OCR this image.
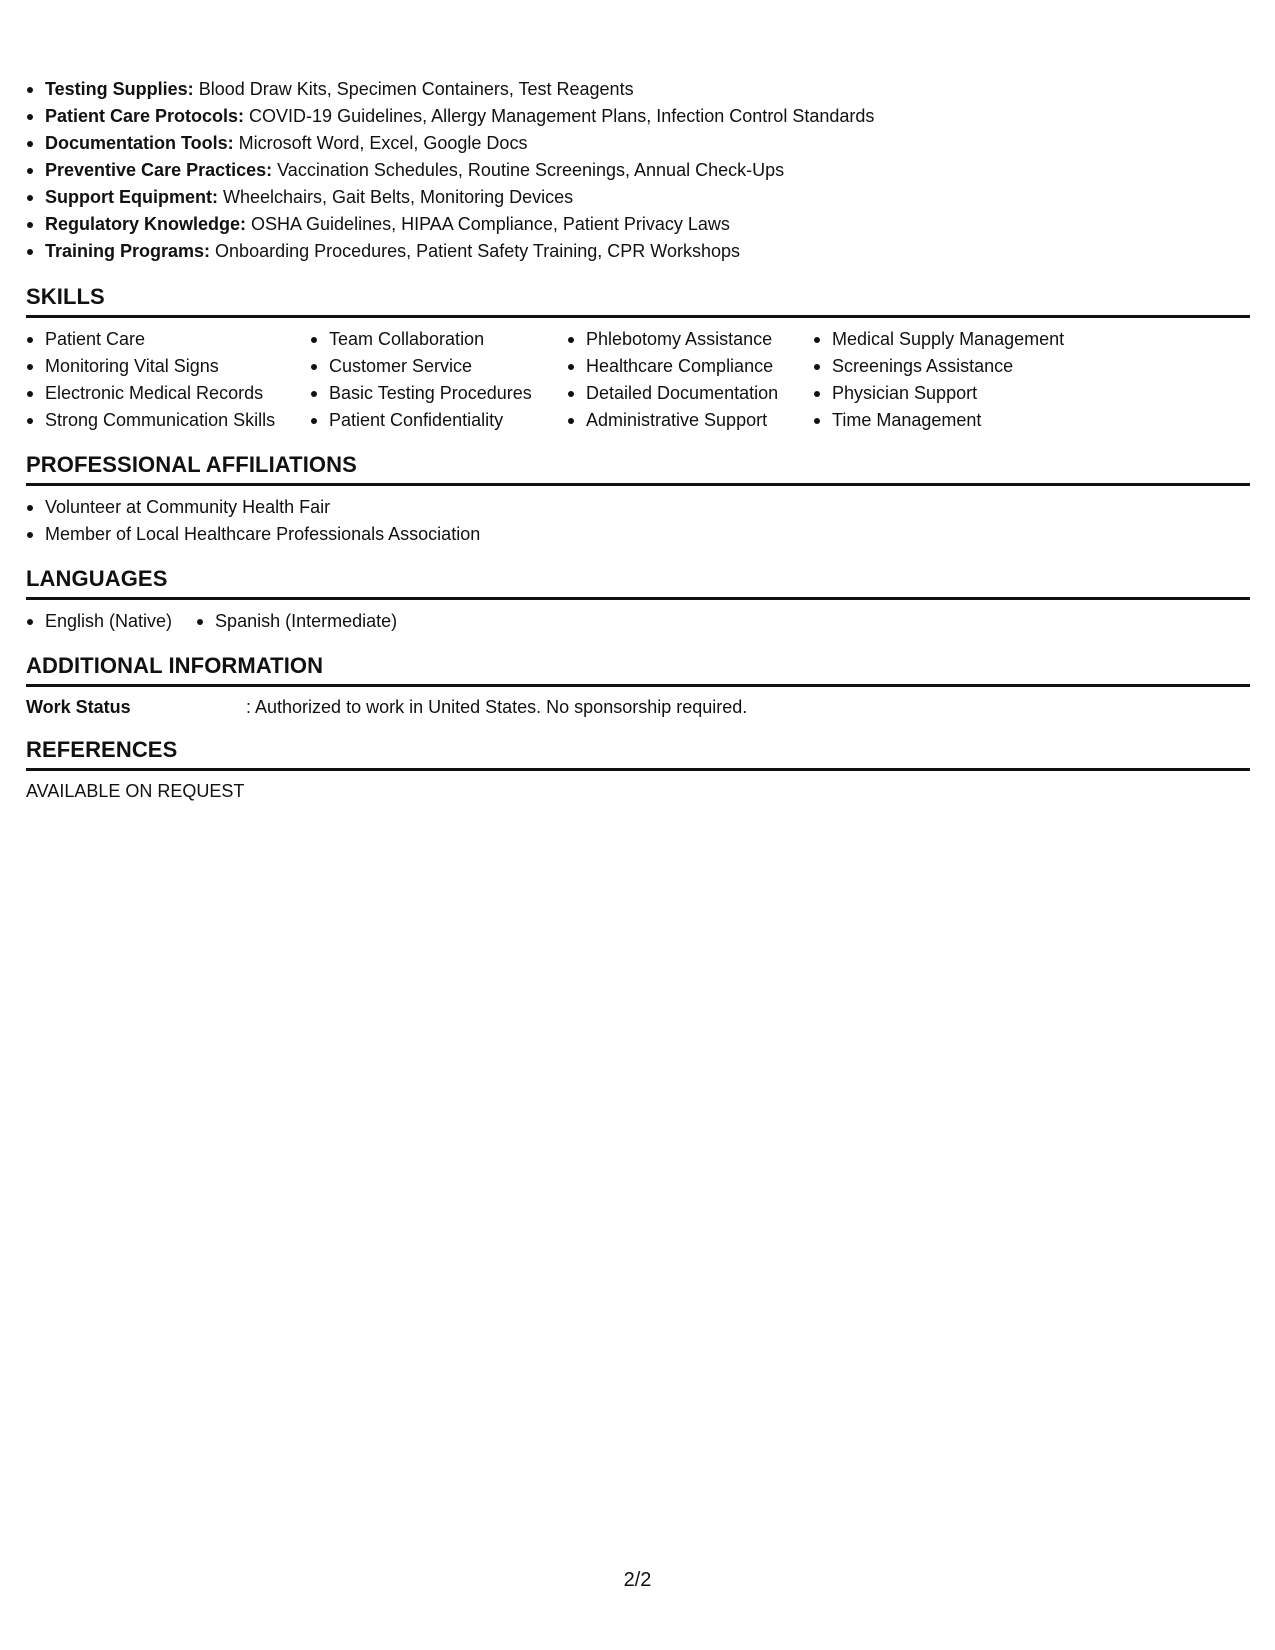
Testing Supplies: Blood Draw Kits, Specimen Containers, Test Reagents
Patient Care Protocols: COVID-19 Guidelines, Allergy Management Plans, Infection Control Standards
Documentation Tools: Microsoft Word, Excel, Google Docs
Preventive Care Practices: Vaccination Schedules, Routine Screenings, Annual Check-Ups
Support Equipment: Wheelchairs, Gait Belts, Monitoring Devices
Regulatory Knowledge: OSHA Guidelines, HIPAA Compliance, Patient Privacy Laws
Training Programs: Onboarding Procedures, Patient Safety Training, CPR Workshops
SKILLS
Patient Care
Monitoring Vital Signs
Electronic Medical Records
Strong Communication Skills
Team Collaboration
Customer Service
Basic Testing Procedures
Patient Confidentiality
Phlebotomy Assistance
Healthcare Compliance
Detailed Documentation
Administrative Support
Medical Supply Management
Screenings Assistance
Physician Support
Time Management
PROFESSIONAL AFFILIATIONS
Volunteer at Community Health Fair
Member of Local Healthcare Professionals Association
LANGUAGES
English (Native)	Spanish (Intermediate)
ADDITIONAL INFORMATION
Work Status	: Authorized to work in United States. No sponsorship required.
REFERENCES
AVAILABLE ON REQUEST
2/2
